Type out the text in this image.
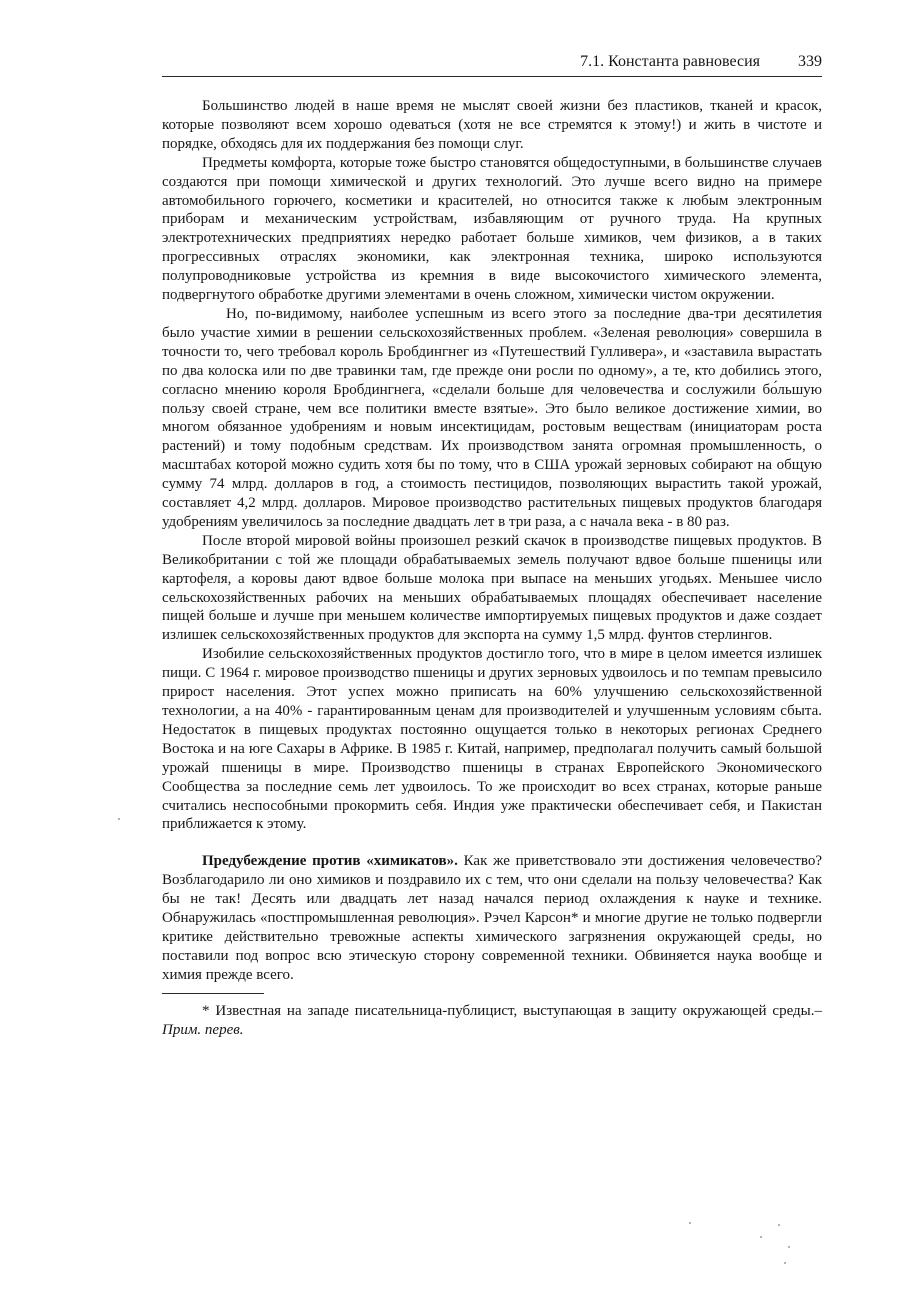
7.1. Константа равновесия 339

Большинство людей в наше время не мыслят своей жизни без пластиков, тканей и красок, которые позволяют всем хорошо одеваться (хотя не все стремятся к этому!) и жить в чистоте и порядке, обходясь для их поддержания без помощи слуг.

Предметы комфорта, которые тоже быстро становятся общедоступными, в большинстве случаев создаются при помощи химической и других технологий. Это лучше всего видно на примере автомобильного горючего, косметики и красителей, но относится также к любым электронным приборам и механическим устройствам, избавляющим от ручного труда. На крупных электротехнических предприятиях нередко работает больше химиков, чем физиков, а в таких прогрессивных отраслях экономики, как электронная техника, широко используются полупроводниковые устройства из кремния в виде высокочистого химического элемента, подвергнутого обработке другими элементами в очень сложном, химически чистом окружении.

Но, по-видимому, наиболее успешным из всего этого за последние два-три десятилетия было участие химии в решении сельскохозяйственных проблем. «Зеленая революция» совершила в точности то, чего требовал король Бробдингнег из «Путешествий Гулливера», и «заставила вырастать по два колоска или по две травинки там, где прежде они росли по одному», а те, кто добились этого, согласно мнению короля Бробдингнега, «сделали больше для человечества и сослужили бо́льшую пользу своей стране, чем все политики вместе взятые». Это было великое достижение химии, во многом обязанное удобрениям и новым инсектицидам, ростовым веществам (инициаторам роста растений) и тому подобным средствам. Их производством занята огромная промышленность, о масштабах которой можно судить хотя бы по тому, что в США урожай зерновых собирают на общую сумму 74 млрд. долларов в год, а стоимость пестицидов, позволяющих вырастить такой урожай, составляет 4,2 млрд. долларов. Мировое производство растительных пищевых продуктов благодаря удобрениям увеличилось за последние двадцать лет в три раза, а с начала века - в 80 раз.

После второй мировой войны произошел резкий скачок в производстве пищевых продуктов. В Великобритании с той же площади обрабатываемых земель получают вдвое больше пшеницы или картофеля, а коровы дают вдвое больше молока при выпасе на меньших угодьях. Меньшее число сельскохозяйственных рабочих на меньших обрабатываемых площадях обеспечивает население пищей больше и лучше при меньшем количестве импортируемых пищевых продуктов и даже создает излишек сельскохозяйственных продуктов для экспорта на сумму 1,5 млрд. фунтов стерлингов.

Изобилие сельскохозяйственных продуктов достигло того, что в мире в целом имеется излишек пищи. С 1964 г. мировое производство пшеницы и других зерновых удвоилось и по темпам превысило прирост населения. Этот успех можно приписать на 60% улучшению сельскохозяйственной технологии, а на 40% - гарантированным ценам для производителей и улучшенным условиям сбыта. Недостаток в пищевых продуктах постоянно ощущается только в некоторых регионах Среднего Востока и на юге Сахары в Африке. В 1985 г. Китай, например, предполагал получить самый большой урожай пшеницы в мире. Производство пшеницы в странах Европейского Экономического Сообщества за последние семь лет удвоилось. То же происходит во всех странах, которые раньше считались неспособными прокормить себя. Индия уже практически обеспечивает себя, и Пакистан приближается к этому.

Предубеждение против «химикатов». Как же приветствовало эти достижения человечество? Возблагодарило ли оно химиков и поздравило их с тем, что они сделали на пользу человечества? Как бы не так! Десять или двадцать лет назад начался период охлаждения к науке и технике. Обнаружилась «постпромышленная революция». Рэчел Карсон* и многие другие не только подвергли критике действительно тревожные аспекты химического загрязнения окружающей среды, но поставили под вопрос всю этическую сторону современной техники. Обвиняется наука вообще и химия прежде всего.

* Известная на западе писательница-публицист, выступающая в защиту окружающей среды.– Прим. перев.
